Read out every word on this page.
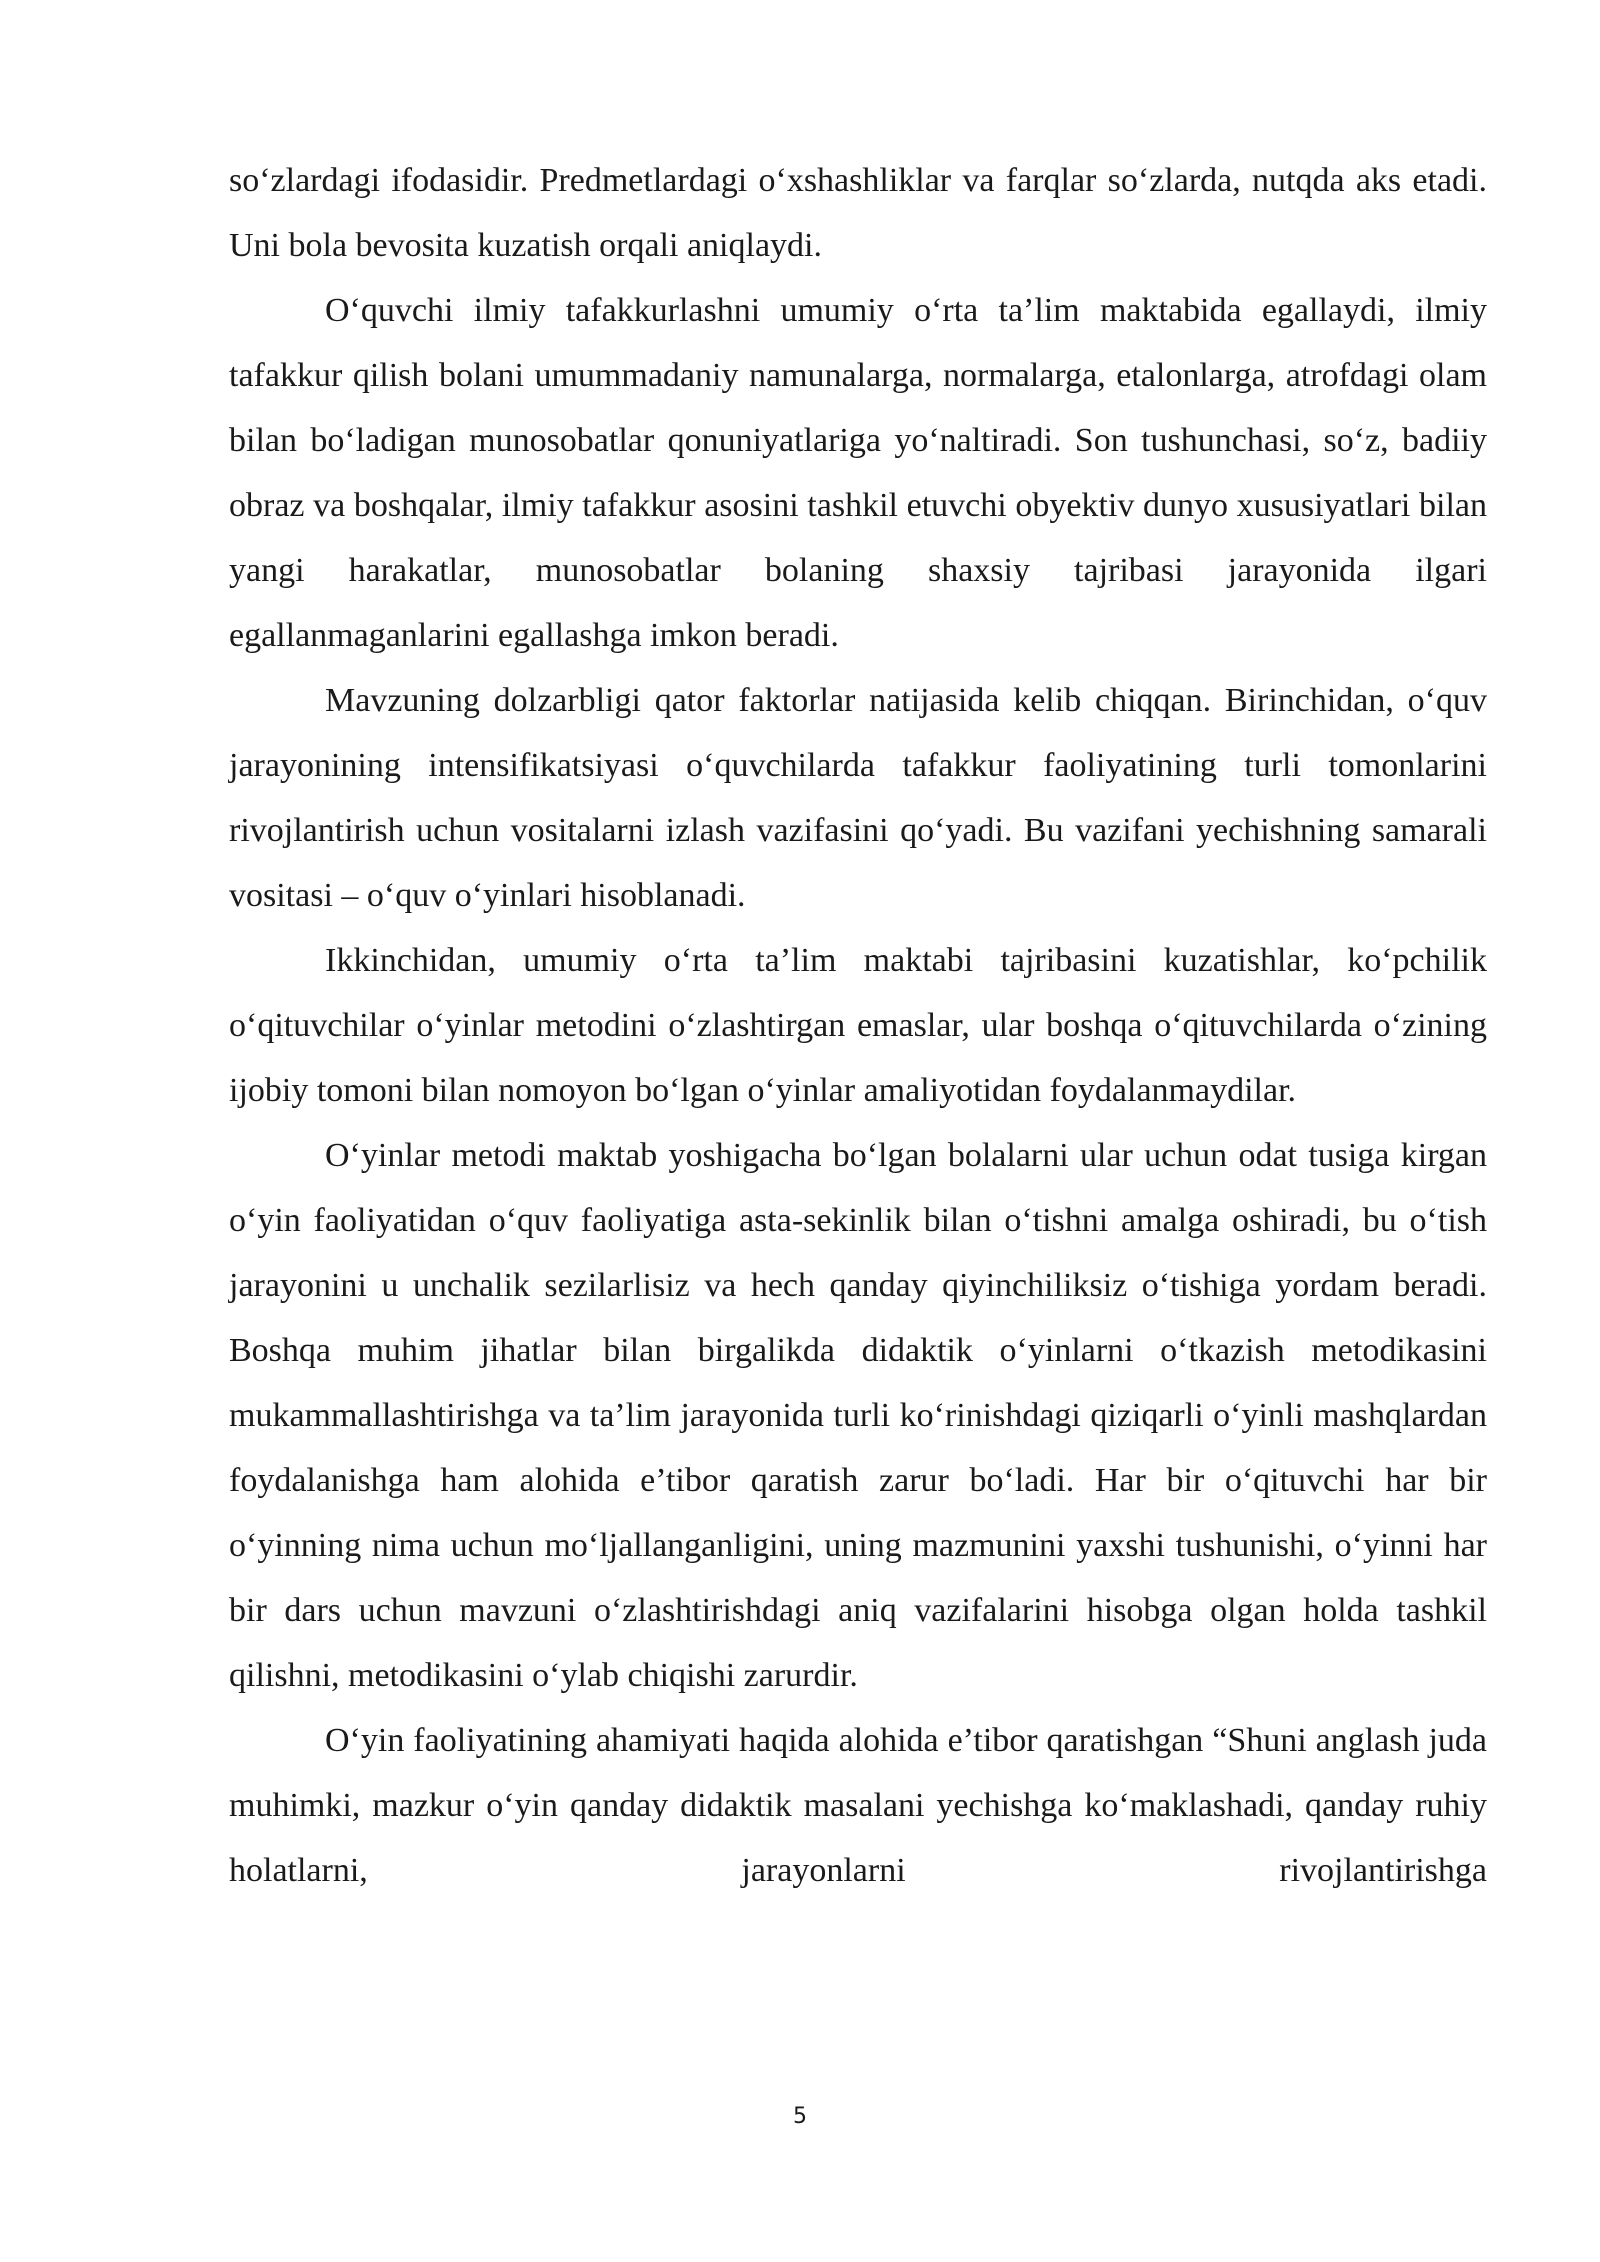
so‘zlardagi ifodasidir. Predmetlardagi o‘xshashliklar va farqlar so‘zlarda, nutqda aks etadi. Uni bola bevosita kuzatish orqali aniqlaydi.

O‘quvchi ilmiy tafakkurlashni umumiy o‘rta ta’lim maktabida egallaydi, ilmiy tafakkur qilish bolani umummadaniy namunalarga, normalarga, etalonlarga, atrofdagi olam bilan bo‘ladigan munosobatlar qonuniyatlariga yo‘naltiradi. Son tushunchasi, so‘z, badiiy obraz va boshqalar, ilmiy tafakkur asosini tashkil etuvchi obyektiv dunyo xususiyatlari bilan yangi harakatlar, munosobatlar bolaning shaxsiy tajribasi jarayonida ilgari egallanmaganlarini egallashga imkon beradi.

Mavzuning dolzarbligi qator faktorlar natijasida kelib chiqqan. Birinchidan, o‘quv jarayonining intensifikatsiyasi o‘quvchilarda tafakkur faoliyatining turli tomonlarini rivojlantirish uchun vositalarni izlash vazifasini qo‘yadi. Bu vazifani yechishning samarali vositasi – o‘quv o‘yinlari hisoblanadi.

Ikkinchidan, umumiy o‘rta ta’lim maktabi tajribasini kuzatishlar, ko‘pchilik o‘qituvchilar o‘yinlar metodini o‘zlashtirgan emaslar, ular boshqa o‘qituvchilarda o‘zining ijobiy tomoni bilan nomoyon bo‘lgan o‘yinlar amaliyotidan foydalanmaydilar.

O‘yinlar metodi maktab yoshigacha bo‘lgan bolalarni ular uchun odat tusiga kirgan o‘yin faoliyatidan o‘quv faoliyatiga asta-sekinlik bilan o‘tishni amalga oshiradi, bu o‘tish jarayonini u unchalik sezilarlisiz va hech qanday qiyinchiliksiz o‘tishiga yordam beradi. Boshqa muhim jihatlar bilan birgalikda didaktik o‘yinlarni o‘tkazish metodikasini mukammallashtirishga va ta’lim jarayonida turli ko‘rinishdagi qiziqarli o‘yinli mashqlardan foydalanishga ham alohida e’tibor qaratish zarur bo‘ladi. Har bir o‘qituvchi har bir o‘yinning nima uchun mo‘ljallanganligini, uning mazmunini yaxshi tushunishi, o‘yinni har bir dars uchun mavzuni o‘zlashtirishdagi aniq vazifalarini hisobga olgan holda tashkil qilishni, metodikasini o‘ylab chiqishi zarurdir.

O‘yin faoliyatining ahamiyati haqida alohida e’tibor qaratishgan “Shuni anglash juda muhimki, mazkur o‘yin qanday didaktik masalani yechishga ko‘maklashadi, qanday ruhiy holatlarni, jarayonlarni rivojlantirishga

5
